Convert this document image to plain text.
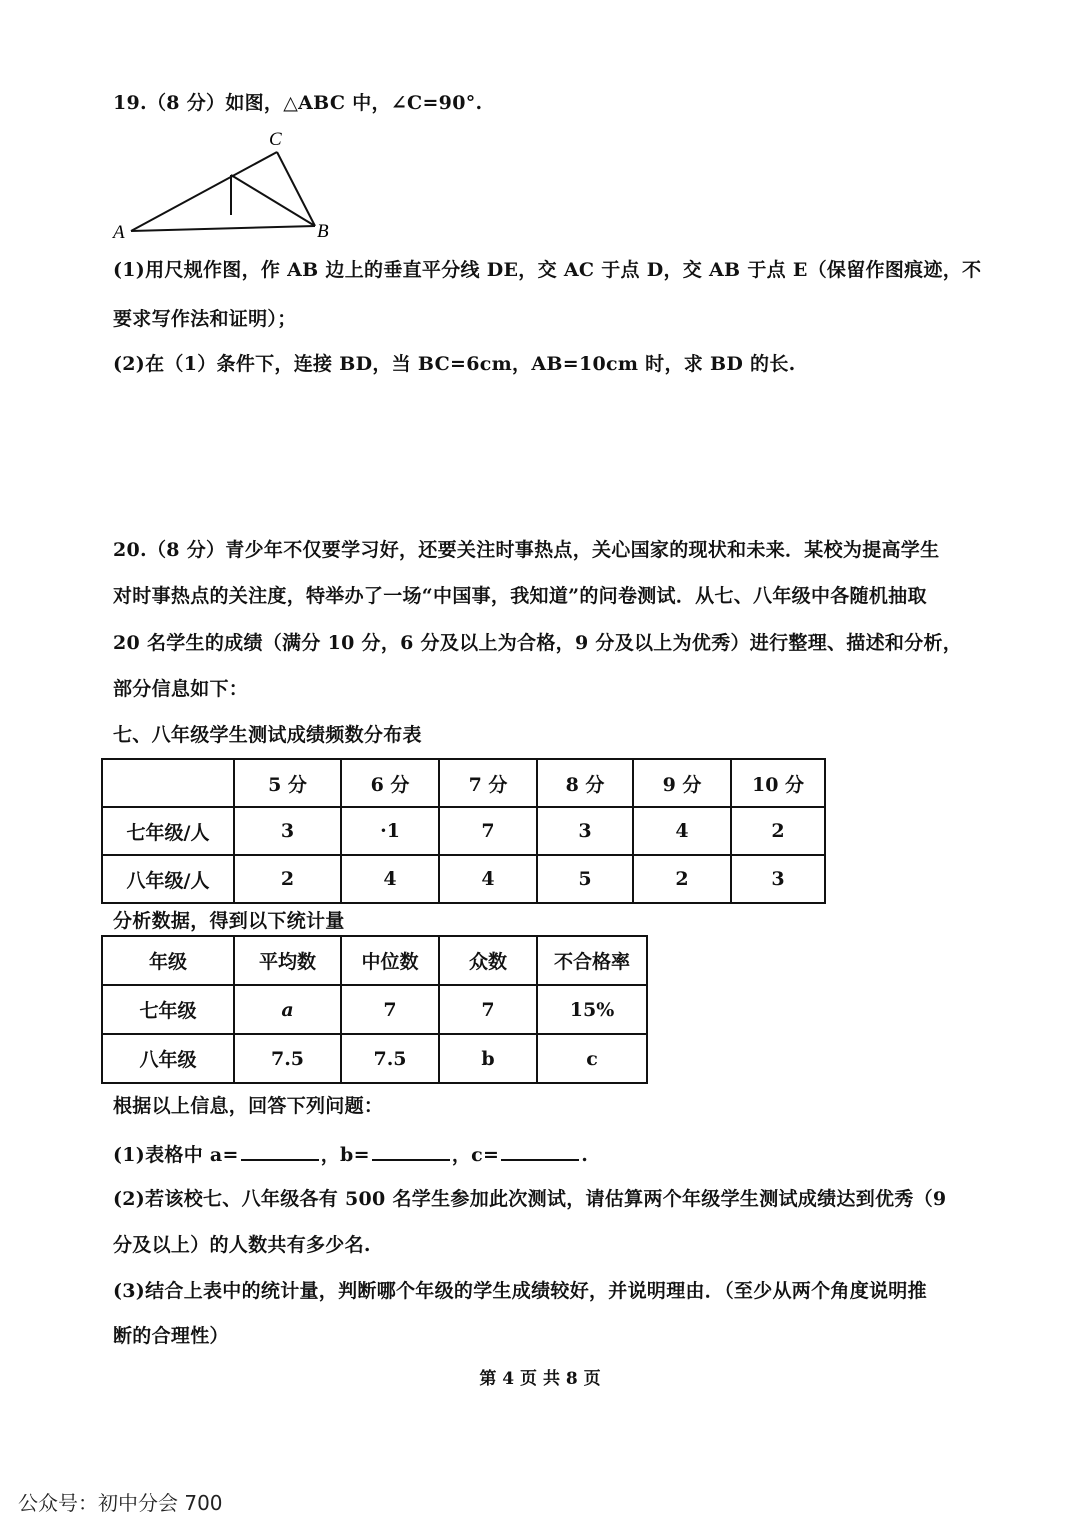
19.（8 分）如图，△ABC 中，∠C=90°.
A	B
C
(1)用尺规作图，作 AB 边上的垂直平分线 DE，交 AC 于点 D，交 AB 于点 E（保留作图痕迹，不
要求写作法和证明）；
(2)在（1）条件下，连接 BD，当 BC=6cm，AB=10cm 时，求 BD 的长.
20.（8 分）青少年不仅要学习好，还要关注时事热点，关心国家的现状和未来．某校为提高学生
对时事热点的关注度，特举办了一场“中国事，我知道”的问卷测试．从七、八年级中各随机抽取
20 名学生的成绩（满分 10 分，6 分及以上为合格，9 分及以上为优秀）进行整理、描述和分析，
部分信息如下：
七、八年级学生测试成绩频数分布表
	5 分	6 分	7 分	8 分	9 分	10 分
七年级/人	3	·1	7	3	4	2
八年级/人	2	4	4	5	2	3
分析数据，得到以下统计量
年级	平均数	中位数	众数	不合格率
七年级	a	7	7	15%
八年级	7.5	7.5	b	c
根据以上信息，回答下列问题：
(1)表格中 a=	，b=	，c=	.
(2)若该校七、八年级各有 500 名学生参加此次测试，请估算两个年级学生测试成绩达到优秀（9
分及以上）的人数共有多少名.
(3)结合上表中的统计量，判断哪个年级的学生成绩较好，并说明理由．（至少从两个角度说明推
断的合理性）
第 4 页 共 8 页
公众号：初中分会 700
